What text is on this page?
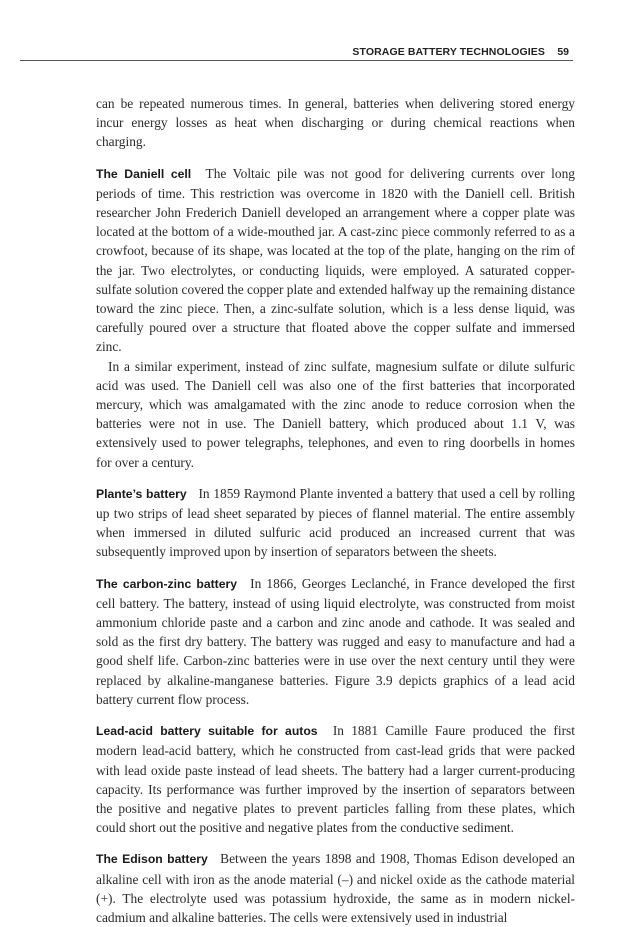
STORAGE BATTERY TECHNOLOGIES 59

can be repeated numerous times. In general, batteries when delivering stored energy incur energy losses as heat when discharging or during chemical reactions when charging.

The Daniell cell The Voltaic pile was not good for delivering currents over long periods of time. This restriction was overcome in 1820 with the Daniell cell. British researcher John Frederich Daniell developed an arrangement where a copper plate was located at the bottom of a wide-mouthed jar. A cast-zinc piece commonly referred to as a crowfoot, because of its shape, was located at the top of the plate, hanging on the rim of the jar. Two electrolytes, or conducting liquids, were employed. A saturated copper-sulfate solution covered the copper plate and extended halfway up the remaining distance toward the zinc piece. Then, a zinc-sulfate solution, which is a less dense liquid, was carefully poured over a structure that floated above the copper sulfate and immersed zinc.

In a similar experiment, instead of zinc sulfate, magnesium sulfate or dilute sulfuric acid was used. The Daniell cell was also one of the first batteries that incorporated mercury, which was amalgamated with the zinc anode to reduce corrosion when the batteries were not in use. The Daniell battery, which produced about 1.1 V, was extensively used to power telegraphs, telephones, and even to ring doorbells in homes for over a century.

Plante’s battery In 1859 Raymond Plante invented a battery that used a cell by rolling up two strips of lead sheet separated by pieces of flannel material. The entire assembly when immersed in diluted sulfuric acid produced an increased current that was subsequently improved upon by insertion of separators between the sheets.

The carbon-zinc battery In 1866, Georges Leclanché, in France developed the first cell battery. The battery, instead of using liquid electrolyte, was constructed from moist ammonium chloride paste and a carbon and zinc anode and cathode. It was sealed and sold as the first dry battery. The battery was rugged and easy to manufacture and had a good shelf life. Carbon-zinc batteries were in use over the next century until they were replaced by alkaline-manganese batteries. Figure 3.9 depicts graphics of a lead acid battery current flow process.

Lead-acid battery suitable for autos In 1881 Camille Faure produced the first modern lead-acid battery, which he constructed from cast-lead grids that were packed with lead oxide paste instead of lead sheets. The battery had a larger current-producing capacity. Its performance was further improved by the insertion of separators between the positive and negative plates to prevent particles falling from these plates, which could short out the positive and negative plates from the conductive sediment.

The Edison battery Between the years 1898 and 1908, Thomas Edison developed an alkaline cell with iron as the anode material (–) and nickel oxide as the cathode material (+). The electrolyte used was potassium hydroxide, the same as in modern nickel-cadmium and alkaline batteries. The cells were extensively used in industrial
